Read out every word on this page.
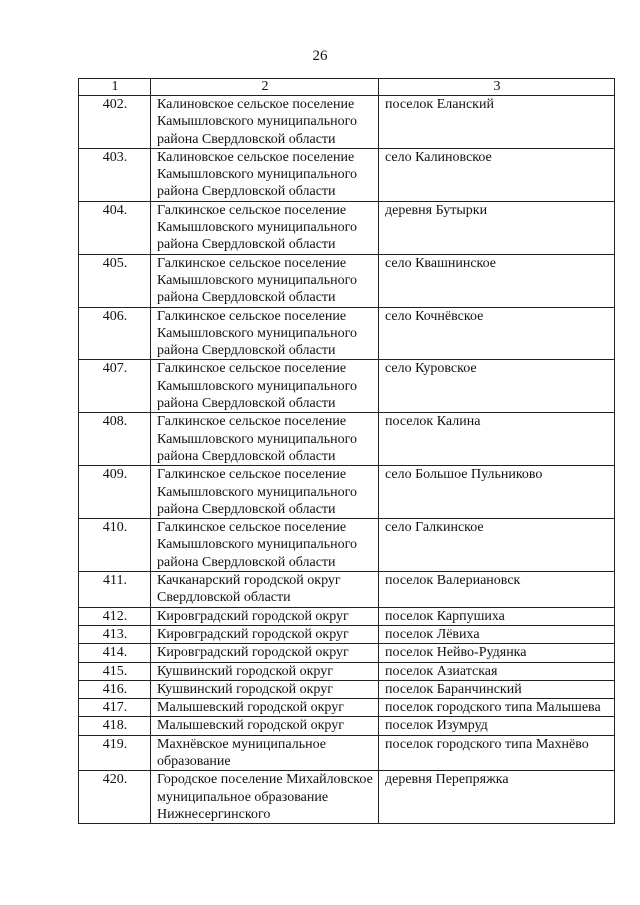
26
1	2	3
402.	Калиновское сельское поселение Камышловского муниципального района Свердловской области	поселок Еланский
403.	Калиновское сельское поселение Камышловского муниципального района Свердловской области	село Калиновское
404.	Галкинское сельское поселение Камышловского муниципального района Свердловской области	деревня Бутырки
405.	Галкинское сельское поселение Камышловского муниципального района Свердловской области	село Квашнинское
406.	Галкинское сельское поселение Камышловского муниципального района Свердловской области	село Кочнёвское
407.	Галкинское сельское поселение Камышловского муниципального района Свердловской области	село Куровское
408.	Галкинское сельское поселение Камышловского муниципального района Свердловской области	поселок Калина
409.	Галкинское сельское поселение Камышловского муниципального района Свердловской области	село Большое Пульниково
410.	Галкинское сельское поселение Камышловского муниципального района Свердловской области	село Галкинское
411.	Качканарский городской округ Свердловской области	поселок Валериановск
412.	Кировградский городской округ	поселок Карпушиха
413.	Кировградский городской округ	поселок Лёвиха
414.	Кировградский городской округ	поселок Нейво-Рудянка
415.	Кушвинский городской округ	поселок Азиатская
416.	Кушвинский городской округ	поселок Баранчинский
417.	Малышевский городской округ	поселок городского типа Малышева
418.	Малышевский городской округ	поселок Изумруд
419.	Махнёвское муниципальное образование	поселок городского типа Махнёво
420.	Городское поселение Михайловское муниципальное образование Нижнесергинского	деревня Перепряжка
